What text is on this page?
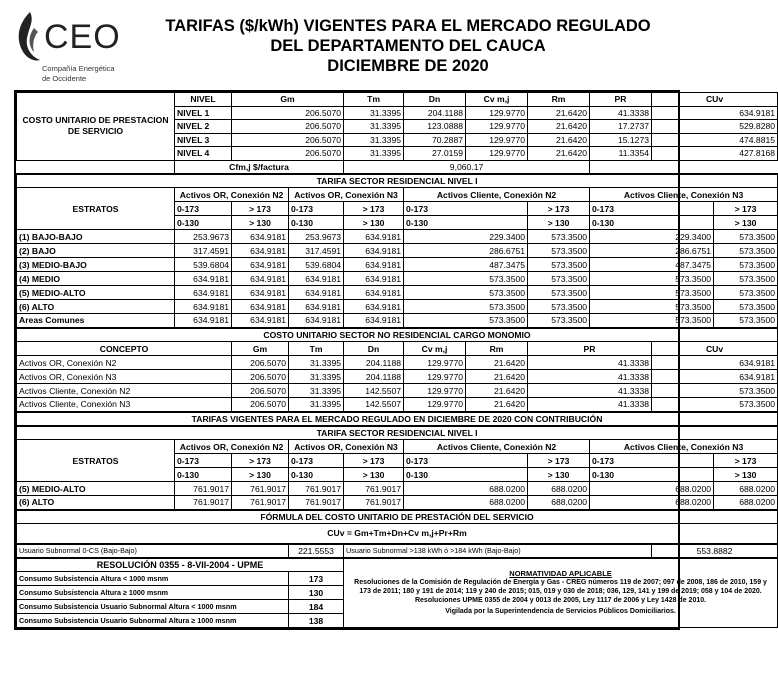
CEO
Compañía Energética
de Occidente
TARIFAS ($/kWh) VIGENTES PARA EL MERCADO REGULADO
DEL DEPARTAMENTO DEL CAUCA
DICIEMBRE DE 2020
COSTO UNITARIO DE PRESTACION DE SERVICIO	NIVEL	Gm		Tm	Dn	Cv m,j	Rm	PR	CUv	
	NIVEL 1	206.5070		31.3395	204.1188	129.9770	21.6420	41.3338	634.9181	
	NIVEL 2	206.5070		31.3395	123.0888	129.9770	21.6420	17.2737	529.8280	
	NIVEL 3	206.5070		31.3395	70.2887	129.9770	21.6420	15.1273	474.8815	
	NIVEL 4	206.5070		31.3395	27.0159	129.9770	21.6420	11.3354	427.8168	
	Cfm,j $/factura			9,060.17						
TARIFA SECTOR RESIDENCIAL NIVEL I										
ESTRATOS	Activos OR, Conexión N2		Activos OR, Conexión N3		Activos Cliente, Conexión N2			Activos Cliente, Conexión N3		

	0-173	> 173	0-173	> 173	0-173		> 173	0-173		> 173
	0-130	> 130	0-130	> 130	0-130		> 130	0-130		> 130
(1) BAJO-BAJO	253.9673	634.9181	253.9673	634.9181	229.3400		573.3500	229.3400		573.3500
(2) BAJO	317.4591	634.9181	317.4591	634.9181	286.6751		573.3500	286.6751		573.3500
(3) MEDIO-BAJO	539.6804	634.9181	539.6804	634.9181	487.3475		573.3500	487.3475		573.3500
(4) MEDIO	634.9181	634.9181	634.9181	634.9181	573.3500		573.3500	573.3500		573.3500
(5) MEDIO-ALTO	634.9181	634.9181	634.9181	634.9181	573.3500		573.3500	573.3500		573.3500
(6) ALTO	634.9181	634.9181	634.9181	634.9181	573.3500		573.3500	573.3500		573.3500
Areas Comunes	634.9181	634.9181	634.9181	634.9181	573.3500		573.3500	573.3500		573.3500
COSTO UNITARIO SECTOR NO RESIDENCIAL CARGO MONOMIO										
CONCEPTO		Gm	Tm	Dn	Cv m,j	Rm	PR		CUv	
Activos OR, Conexión N2		206.5070	31.3395	204.1188	129.9770	21.6420	41.3338		634.9181	
Activos OR, Conexión N3		206.5070	31.3395	204.1188	129.9770	21.6420	41.3338		634.9181	
Activos Cliente, Conexión N2		206.5070	31.3395	142.5507	129.9770	21.6420	41.3338		573.3500	
Activos Cliente, Conexión N3		206.5070	31.3395	142.5507	129.9770	21.6420	41.3338		573.3500	
TARIFAS VIGENTES PARA EL MERCADO REGULADO EN DICIEMBRE DE 2020 CON CONTRIBUCIÓN										
TARIFA SECTOR RESIDENCIAL NIVEL I										
ESTRATOS	Activos OR, Conexión N2		Activos OR, Conexión N3		Activos Cliente, Conexión N2			Activos Cliente, Conexión N3		

	0-173	> 173	0-173	> 173	0-173		> 173	0-173		> 173
	0-130	> 130	0-130	> 130	0-130		> 130	0-130		> 130
(5) MEDIO-ALTO	761.9017	761.9017	761.9017	761.9017	688.0200		688.0200	688.0200		688.0200
(6) ALTO	761.9017	761.9017	761.9017	761.9017	688.0200		688.0200	688.0200		688.0200
FÓRMULA DEL COSTO UNITARIO DE PRESTACIÓN DEL SERVICIO										
CUv = Gm+Tm+Dn+Cv m,j+Pr+Rm										
Usuario Subnormal 0-CS (Bajo-Bajo)			221.5553	Usuario Subnormal >138 kWh ó >184 kWh (Bajo-Bajo)					553.8882	
RESOLUCIÓN 0355 - 8-VII-2004 - UPME				NORMATIVIDAD APLICABLE
Resoluciones de la Comisión de Regulación de Energía y Gas - CREG números 119 de 2007; 097 de 2008, 186 de 2010, 159 y 173 de 2011; 180 y 191 de 2014; 119 y 240 de 2015; 015, 019 y 030 de 2018; 036, 129, 141 y 199 de 2019; 058 y 104 de 2020. Resoluciones UPME 0355 de 2004 y 0013 de 2005, Ley 1117 de 2006 y Ley 1428 de 2010.
Vigilada por la Superintendencia de Servicios Públicos Domiciliarios.						

Consumo Subsistencia Altura < 1000 msnm			173							
Consumo Subsistencia Altura ≥ 1000 msnm			130							
Consumo Subsistencia Usuario Subnormal Altura < 1000 msnm			184							
Consumo Subsistencia Usuario Subnormal Altura ≥ 1000 msnm			138							
